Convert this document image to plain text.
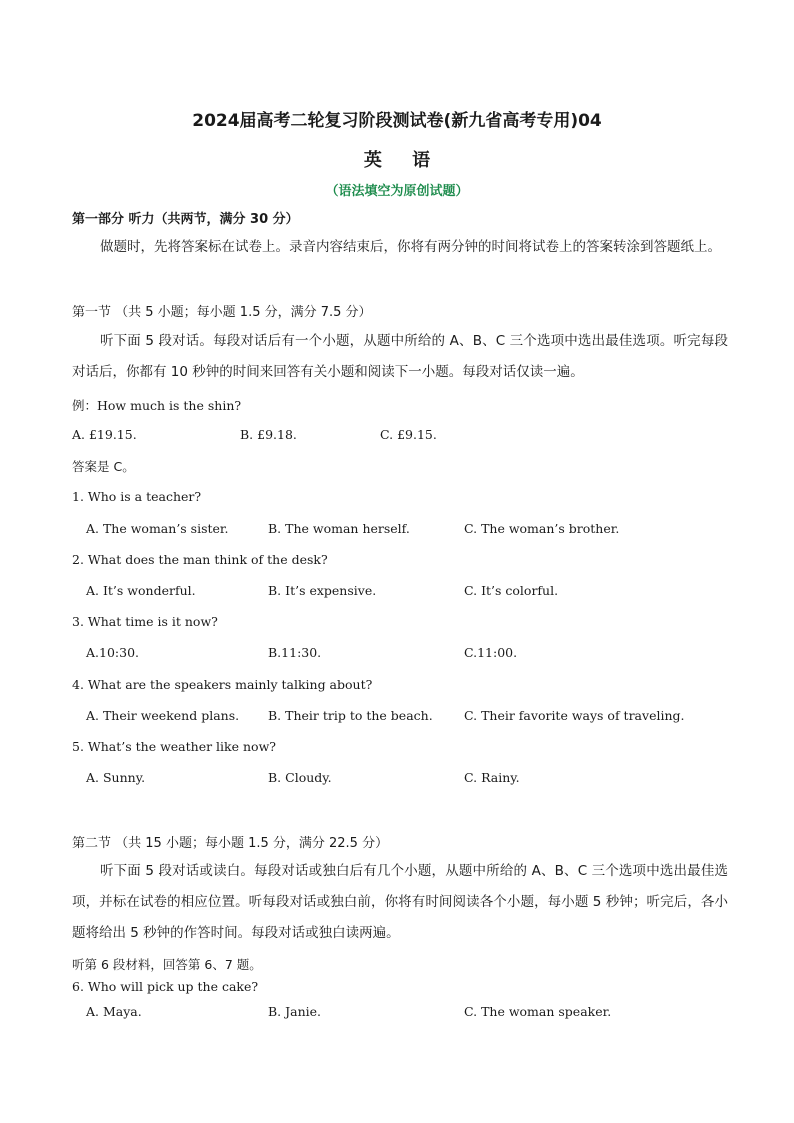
2024届高考二轮复习阶段测试卷(新九省高考专用)04
英 语
（语法填空为原创试题）
第一部分 听力（共两节，满分 30 分）
做题时，先将答案标在试卷上。录音内容结束后，你将有两分钟的时间将试卷上的答案转涂到答题纸上。
第一节 （共 5 小题；每小题 1.5 分，满分 7.5 分）
听下面 5 段对话。每段对话后有一个小题，从题中所给的 A、B、C 三个选项中选出最佳选项。听完每段对话后，你都有 10 秒钟的时间来回答有关小题和阅读下一小题。每段对话仅读一遍。
例：How much is the shin?
A. £19.15.	B. £9.18.	C. £9.15.
答案是 C。
1. Who is a teacher?
A. The woman’s sister.	B. The woman herself.	C. The woman’s brother.
2. What does the man think of the desk?
A. It’s wonderful.	B. It’s expensive.	C. It’s colorful.
3. What time is it now?
A.10:30.	B.11:30.	C.11:00.
4. What are the speakers mainly talking about?
A. Their weekend plans. B. Their trip to the beach.	C. Their favorite ways of traveling.
5. What’s the weather like now?
A. Sunny.	B. Cloudy.	C. Rainy.
第二节 （共 15 小题；每小题 1.5 分，满分 22.5 分）
听下面 5 段对话或读白。每段对话或独白后有几个小题，从题中所给的 A、B、C 三个选项中选出最佳选项，并标在试卷的相应位置。听每段对话或独白前，你将有时间阅读各个小题，每小题 5 秒钟；听完后，各小题将给出 5 秒钟的作答时间。每段对话或独白读两遍。
听第 6 段材料，回答第 6、7 题。
6. Who will pick up the cake?
A. Maya.	B. Janie.	C. The woman speaker.
